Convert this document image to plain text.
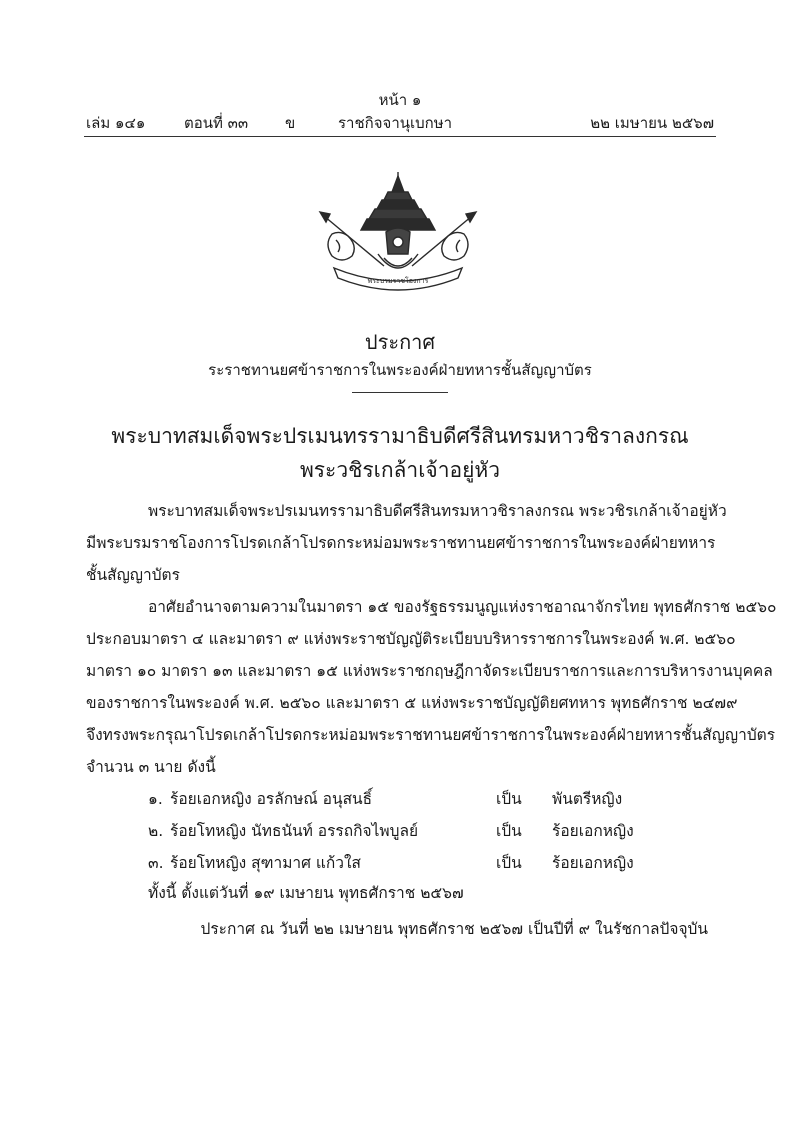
หน้า ๑
เล่ม ๑๔๑	ตอนที่ ๓๓ ข	ราชกิจจานุเบกษา	๒๒ เมษายน ๒๕๖๗
พระบรมราชโองการ
ประกาศ
ระราชทานยศข้าราชการในพระองค์ฝ่ายทหารชั้นสัญญาบัตร
พระบาทสมเด็จพระปรเมนทรรามาธิบดีศรีสินทรมหาวชิราลงกรณ
พระวชิรเกล้าเจ้าอยู่หัว
พระบาทสมเด็จพระปรเมนทรรามาธิบดีศรีสินทรมหาวชิราลงกรณ พระวชิรเกล้าเจ้าอยู่หัว
มีพระบรมราชโองการโปรดเกล้าโปรดกระหม่อมพระราชทานยศข้าราชการในพระองค์ฝ่ายทหาร
ชั้นสัญญาบัตร
อาศัยอำนาจตามความในมาตรา ๑๕ ของรัฐธรรมนูญแห่งราชอาณาจักรไทย พุทธศักราช ๒๕๖๐
ประกอบมาตรา ๔ และมาตรา ๙ แห่งพระราชบัญญัติระเบียบบริหารราชการในพระองค์ พ.ศ. ๒๕๖๐
มาตรา ๑๐ มาตรา ๑๓ และมาตรา ๑๕ แห่งพระราชกฤษฎีกาจัดระเบียบราชการและการบริหารงานบุคคล
ของราชการในพระองค์ พ.ศ. ๒๕๖๐ และมาตรา ๕ แห่งพระราชบัญญัติยศทหาร พุทธศักราช ๒๔๗๙
จึงทรงพระกรุณาโปรดเกล้าโปรดกระหม่อมพระราชทานยศข้าราชการในพระองค์ฝ่ายทหารชั้นสัญญาบัตร
จำนวน ๓ นาย ดังนี้
๑. ร้อยเอกหญิง อรลักษณ์ อนุสนธิ์	เป็น พันตรีหญิง
๒. ร้อยโทหญิง นัทธนันท์ อรรถกิจไพบูลย์	เป็น ร้อยเอกหญิง
๓. ร้อยโทหญิง สุฑามาศ แก้วใส	เป็น ร้อยเอกหญิง
ทั้งนี้ ตั้งแต่วันที่ ๑๙ เมษายน พุทธศักราช ๒๕๖๗
ประกาศ ณ วันที่ ๒๒ เมษายน พุทธศักราช ๒๕๖๗ เป็นปีที่ ๙ ในรัชกาลปัจจุบัน
